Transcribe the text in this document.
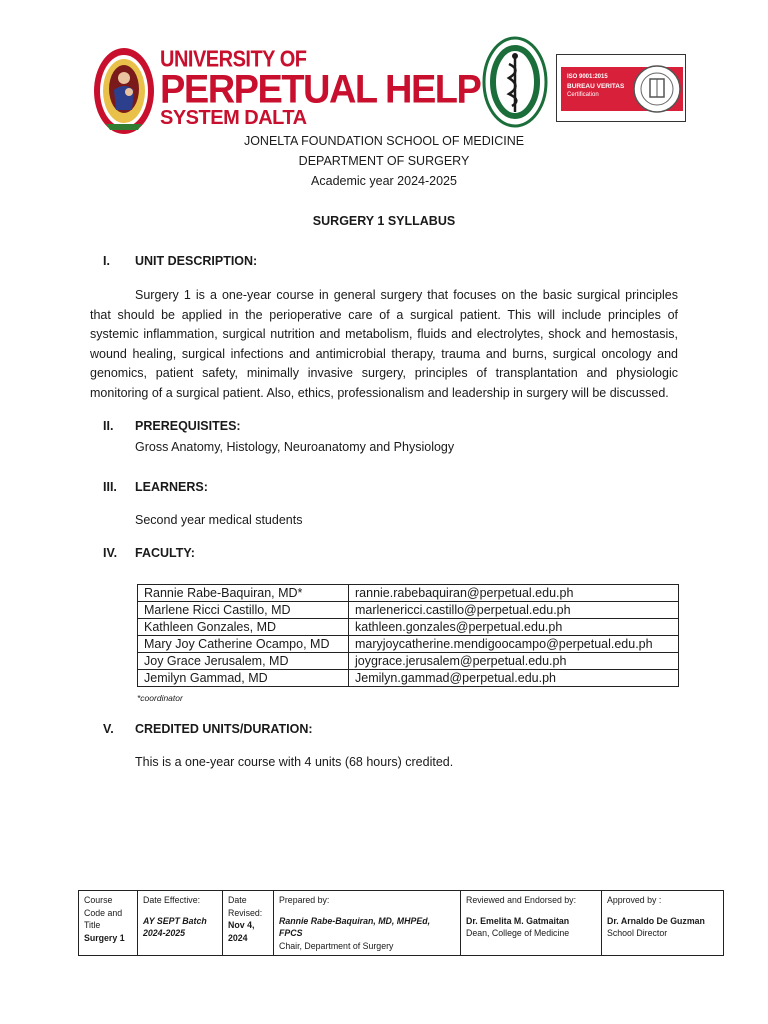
UNIVERSITY OF
PERPETUAL HELP
SYSTEM DALTA
ISO 9001:2015
BUREAU VERITAS
Certification
JONELTA FOUNDATION SCHOOL OF MEDICINE
DEPARTMENT OF SURGERY
Academic year 2024-2025
SURGERY 1 SYLLABUS
I. UNIT DESCRIPTION:
Surgery 1 is a one-year course in general surgery that focuses on the basic surgical principles that should be applied in the perioperative care of a surgical patient. This will include principles of systemic inflammation, surgical nutrition and metabolism, fluids and electrolytes, shock and hemostasis, wound healing, surgical infections and antimicrobial therapy, trauma and burns, surgical oncology and genomics, patient safety, minimally invasive surgery, principles of transplantation and physiologic monitoring of a surgical patient. Also, ethics, professionalism and leadership in surgery will be discussed.
II. PREREQUISITES:
Gross Anatomy, Histology, Neuroanatomy and Physiology
III. LEARNERS:
Second year medical students
IV. FACULTY:
Rannie Rabe-Baquiran, MD*	rannie.rabebaquiran@perpetual.edu.ph
Marlene Ricci Castillo, MD	marlenericci.castillo@perpetual.edu.ph
Kathleen Gonzales, MD	kathleen.gonzales@perpetual.edu.ph
Mary Joy Catherine Ocampo, MD	maryjoycatherine.mendigoocampo@perpetual.edu.ph
Joy Grace Jerusalem, MD	joygrace.jerusalem@perpetual.edu.ph
Jemilyn Gammad, MD	Jemilyn.gammad@perpetual.edu.ph
*coordinator
V. CREDITED UNITS/DURATION:
This is a one-year course with 4 units (68 hours) credited.
Course Code and Title
Surgery 1

Date Effective:
AY SEPT Batch 2024-2025

Date Revised:
Nov 4, 2024

Prepared by:
Rannie Rabe-Baquiran, MD, MHPEd, FPCS
Chair, Department of Surgery

Reviewed and Endorsed by:
Dr. Emelita M. Gatmaitan
Dean, College of Medicine

Approved by :
Dr. Arnaldo De Guzman
School Director
